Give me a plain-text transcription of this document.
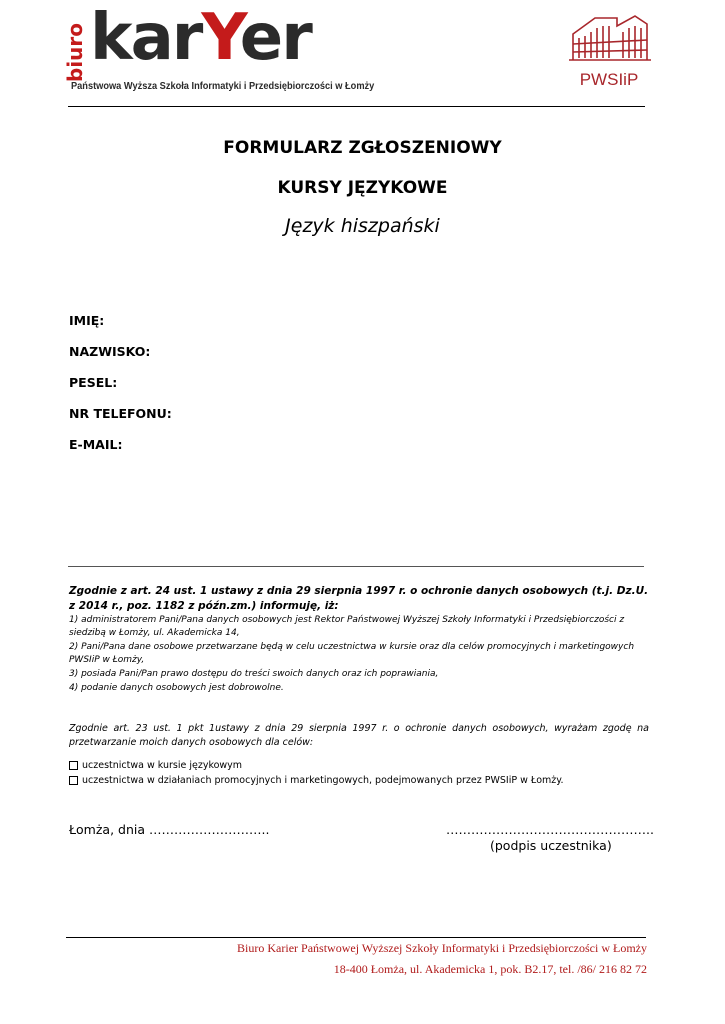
biuro karYer
Państwowa Wyższa Szkoła Informatyki i Przedsiębiorczości w Łomży	PWSIiP
FORMULARZ ZGŁOSZENIOWY
KURSY JĘZYKOWE
Język hiszpański
IMIĘ:
NAZWISKO:
PESEL:
NR TELEFONU:
E-MAIL:
Zgodnie z art. 24 ust. 1 ustawy z dnia 29 sierpnia 1997 r. o ochronie danych osobowych (t.j. Dz.U. z 2014 r., poz. 1182 z późn.zm.) informuję, iż:
1) administratorem Pani/Pana danych osobowych jest Rektor Państwowej Wyższej Szkoły Informatyki i Przedsiębiorczości z siedzibą w Łomży, ul. Akademicka 14,
2) Pani/Pana dane osobowe przetwarzane będą w celu uczestnictwa w kursie oraz dla celów promocyjnych i marketingowych PWSIiP w Łomży,
3) posiada Pani/Pan prawo dostępu do treści swoich danych oraz ich poprawiania,
4) podanie danych osobowych jest dobrowolne.
Zgodnie art. 23 ust. 1 pkt 1ustawy z dnia 29 sierpnia 1997 r. o ochronie danych osobowych, wyrażam zgodę na przetwarzanie moich danych osobowych dla celów:
uczestnictwa w kursie językowym
uczestnictwa w działaniach promocyjnych i marketingowych, podejmowanych przez PWSIiP w Łomży.
Łomża, dnia ………………………..	…………………………………………..
(podpis uczestnika)
Biuro Karier Państwowej Wyższej Szkoły Informatyki i Przedsiębiorczości w Łomży
18-400 Łomża, ul. Akademicka 1, pok. B2.17, tel. /86/ 216 82 72
